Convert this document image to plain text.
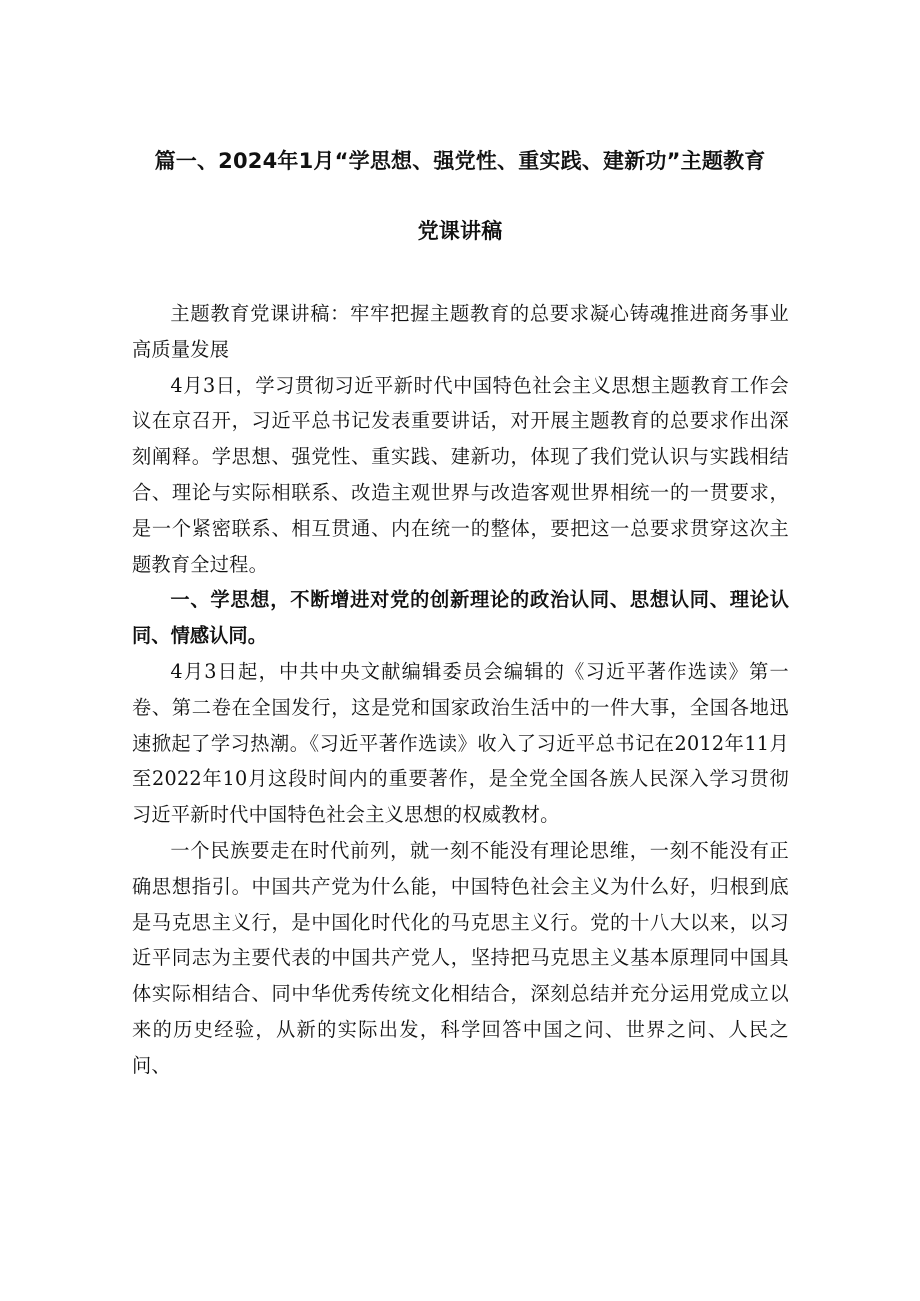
篇一、2024年1月“学思想、强党性、重实践、建新功”主题教育
党课讲稿

主题教育党课讲稿：牢牢把握主题教育的总要求凝心铸魂推进商务事业高质量发展

4月3日，学习贯彻习近平新时代中国特色社会主义思想主题教育工作会议在京召开，习近平总书记发表重要讲话，对开展主题教育的总要求作出深刻阐释。学思想、强党性、重实践、建新功，体现了我们党认识与实践相结合、理论与实际相联系、改造主观世界与改造客观世界相统一的一贯要求，是一个紧密联系、相互贯通、内在统一的整体，要把这一总要求贯穿这次主题教育全过程。

一、学思想，不断增进对党的创新理论的政治认同、思想认同、理论认同、情感认同。

4月3日起，中共中央文献编辑委员会编辑的《习近平著作选读》第一卷、第二卷在全国发行，这是党和国家政治生活中的一件大事，全国各地迅速掀起了学习热潮。《习近平著作选读》收入了习近平总书记在2012年11月至2022年10月这段时间内的重要著作，是全党全国各族人民深入学习贯彻习近平新时代中国特色社会主义思想的权威教材。

一个民族要走在时代前列，就一刻不能没有理论思维，一刻不能没有正确思想指引。中国共产党为什么能，中国特色社会主义为什么好，归根到底是马克思主义行，是中国化时代化的马克思主义行。党的十八大以来，以习近平同志为主要代表的中国共产党人，坚持把马克思主义基本原理同中国具体实际相结合、同中华优秀传统文化相结合，深刻总结并充分运用党成立以来的历史经验，从新的实际出发，科学回答中国之问、世界之问、人民之问、
